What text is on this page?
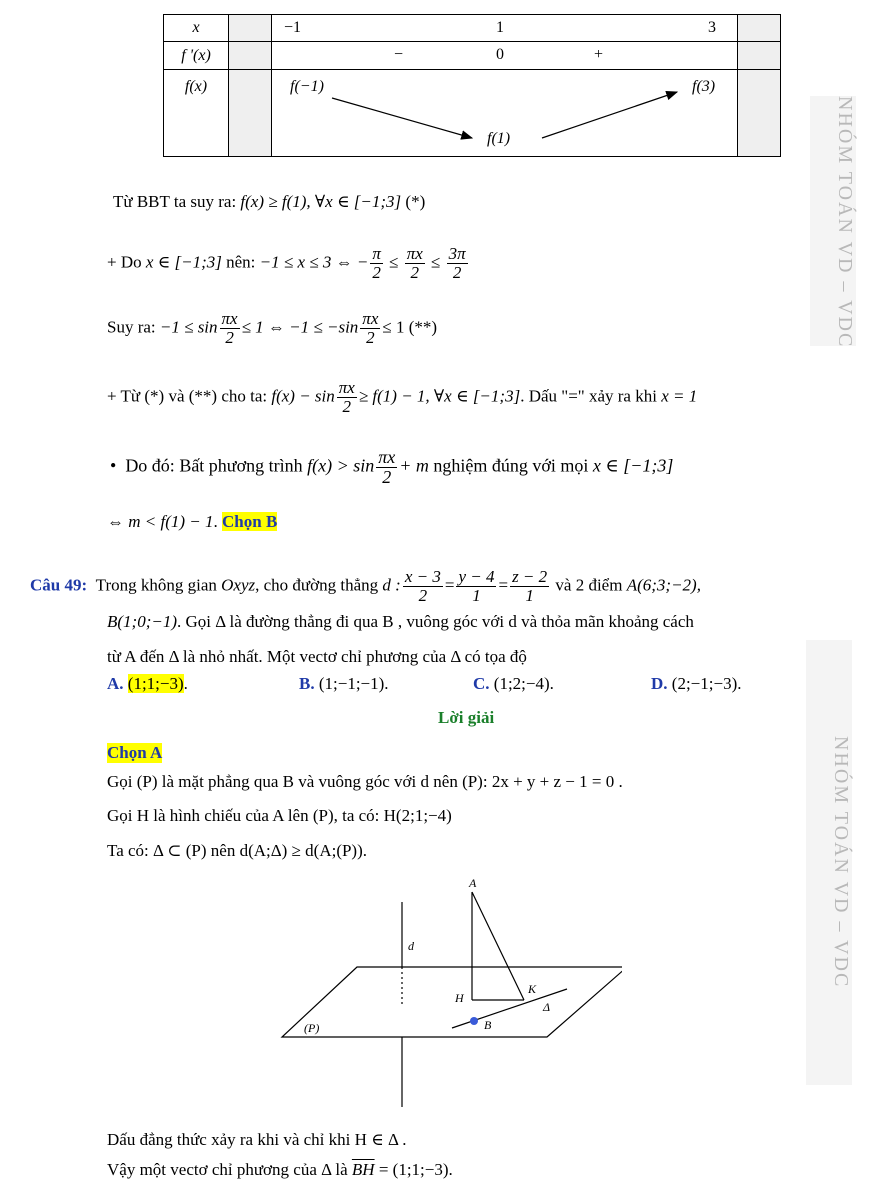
NHÓM TOÁN VD – VDC
NHÓM TOÁN VD – VDC
x		−1 1 3	

f '(x)		− 0 +	

f(x)		f(−1) f(3)
f(1)	

Từ BBT ta suy ra: f(x) ≥ f(1), ∀x ∈ [−1;3] (*)
+ Do x ∈ [−1;3] nên: −1 ≤ x ≤ 3 ⇔ − $\frac{\pi}{2} \le \frac{\pi x}{2} \le \frac{3\pi}{2}$
Suy ra: $-1 \le \sin \frac{\pi x}{2} \le 1$ ⇔ $-1 \le -\sin \frac{\pi x}{2} \le 1$ (**)
+ Từ (*) và (**) cho ta: $f(x) - \sin \frac{\pi x}{2} \ge f(1) - 1$, ∀x ∈ [−1;3]. Dấu "=" xảy ra khi x = 1
• Do đó: Bất phương trình $f(x) > \sin \frac{\pi x}{2} + m$ nghiệm đúng với mọi x ∈ [−1;3]
⇔ m < f(1) − 1. Chọn B
Câu 49: Trong không gian Oxyz, cho đường thẳng d : $\frac{x - 3}{2} = \frac{y - 4}{1} = \frac{z - 2}{1}$ và 2 điểm A(6;3;−2),
B(1;0;−1). Gọi Δ là đường thẳng đi qua B , vuông góc với d và thỏa mãn khoảng cách
từ A đến Δ là nhỏ nhất. Một vectơ chỉ phương của Δ có tọa độ
A. (1;1;−3).	B. (1;−1;−1).	C. (1;2;−4).	D. (2;−1;−3).
Lời giải
Chọn A
Gọi (P) là mặt phẳng qua B và vuông góc với d nên (P): 2x + y + z − 1 = 0 .
Gọi H là hình chiếu của A lên (P), ta có: H(2;1;−4)
Ta có: Δ ⊂ (P) nên d(A;Δ) ≥ d(A;(P)).
A
d
H
K
Δ
B
(P)
Dấu đẳng thức xảy ra khi và chỉ khi H ∈ Δ .
Vậy một vectơ chỉ phương của Δ là $\overline{BH}$ = (1;1;−3).
